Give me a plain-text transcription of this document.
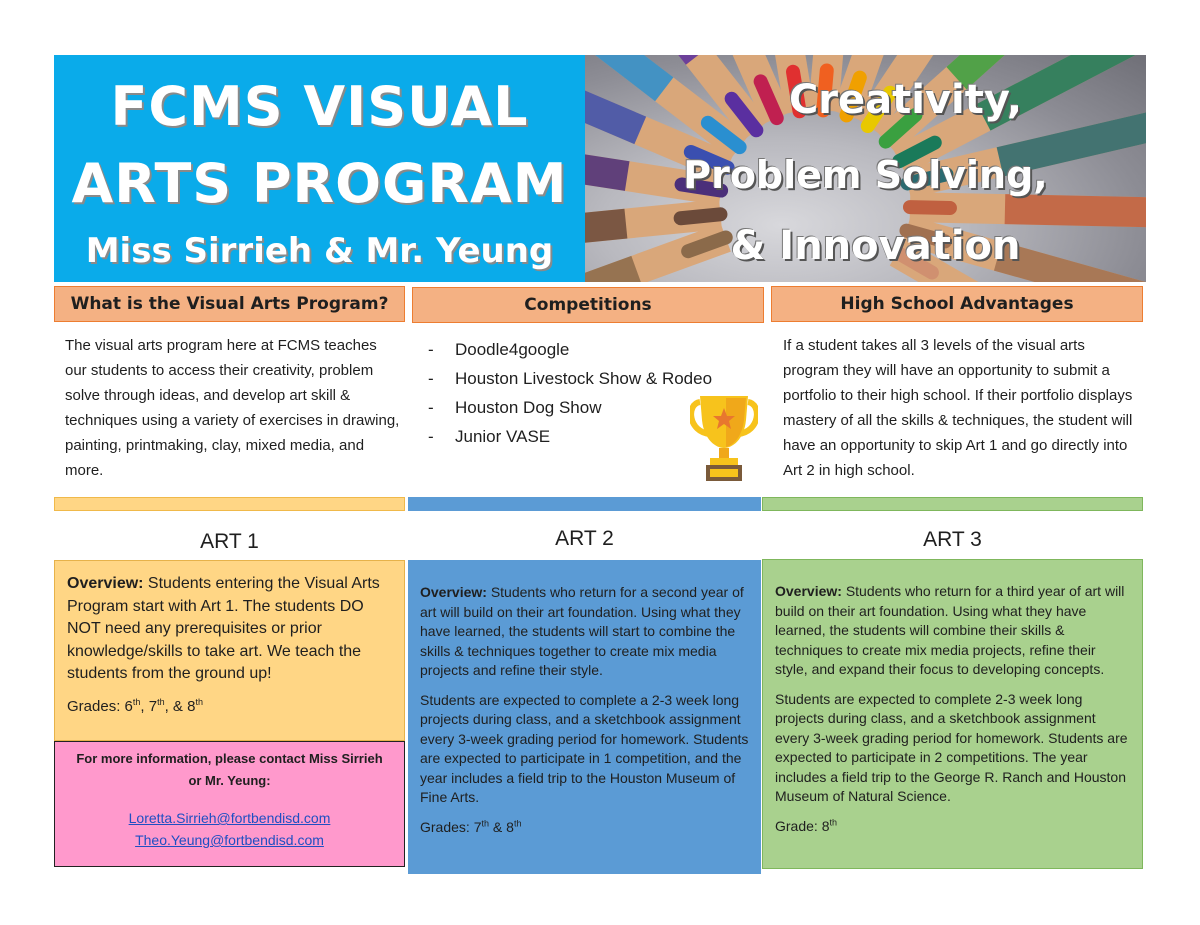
FCMS VISUAL
ARTS PROGRAM
Miss Sirrieh & Mr. Yeung
Creativity,
Problem Solving,
& Innovation
What is the Visual Arts Program?	Competitions	High School Advantages
The visual arts program here at FCMS teaches our students to access their creativity, problem solve through ideas, and develop art skill & techniques using a variety of exercises in drawing, painting, printmaking, clay, mixed media, and more.
- Doodle4google
- Houston Livestock Show & Rodeo
- Houston Dog Show
- Junior VASE
If a student takes all 3 levels of the visual arts program they will have an opportunity to submit a portfolio to their high school. If their portfolio displays mastery of all the skills & techniques, the student will have an opportunity to skip Art 1 and go directly into Art 2 in high school.
ART 1	ART 2	ART 3

Overview: Students entering the Visual Arts Program start with Art 1. The students DO NOT need any prerequisites or prior knowledge/skills to take art. We teach the students from the ground up!

Grades: 6th, 7th, & 8th

For more information, please contact Miss Sirrieh or Mr. Yeung:
Loretta.Sirrieh@fortbendisd.com
Theo.Yeung@fortbendisd.com

Overview: Students who return for a second year of art will build on their art foundation. Using what they have learned, the students will start to combine the skills & techniques together to create mix media projects and refine their style.

Students are expected to complete a 2-3 week long projects during class, and a sketchbook assignment every 3-week grading period for homework. Students are expected to participate in 1 competition, and the year includes a field trip to the Houston Museum of Fine Arts.

Grades: 7th & 8th

Overview: Students who return for a third year of art will build on their art foundation. Using what they have learned, the students will combine their skills & techniques to create mix media projects, refine their style, and expand their focus to developing concepts.

Students are expected to complete 2-3 week long projects during class, and a sketchbook assignment every 3-week grading period for homework. Students are expected to participate in 2 competitions. The year includes a field trip to the George R. Ranch and Houston Museum of Natural Science.

Grade: 8th
